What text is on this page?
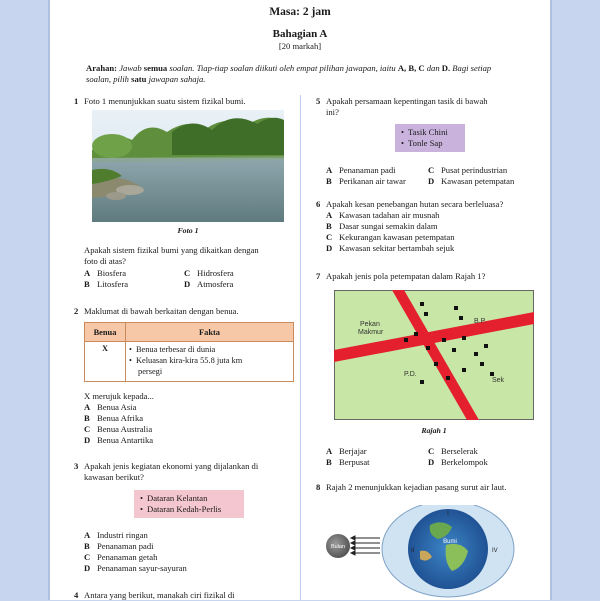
Masa: 2 jam
Bahagian A
[20 markah]
Arahan: Jawab semua soalan. Tiap-tiap soalan diikuti oleh empat pilihan jawapan, iaitu A, B, C dan D. Bagi setiap
soalan, pilih satu jawapan sahaja.
1 Foto 1 menunjukkan suatu sistem fizikal bumi.
Foto 1
Apakah sistem fizikal bumi yang dikaitkan dengan
foto di atas?
A Biosfera	C Hidrosfera
B Litosfera	D Atmosfera
2 Maklumat di bawah berkaitan dengan benua.
Benua	Fakta
X	• Benua terbesar di dunia
• Keluasan kira-kira 55.8 juta km
persegi
X merujuk kepada...
A Benua Asia
B Benua Afrika
C Benua Australia
D Benua Antartika
3 Apakah jenis kegiatan ekonomi yang dijalankan di
kawasan berikut?
• Dataran Kelantan
• Dataran Kedah-Perlis
A Industri ringan
B Penanaman padi
C Penanaman getah
D Penanaman sayur-sayuran
4 Antara yang berikut, manakah ciri fizikal di
5 Apakah persamaan kepentingan tasik di bawah
ini?
• Tasik Chini
• Tonle Sap
A Penanaman padi	C Pusat perindustrian
B Perikanan air tawar	D Kawasan petempatan
6 Apakah kesan penebangan hutan secara berleluasa?
A Kawasan tadahan air musnah
B Dasar sungai semakin dalam
C Kekurangan kawasan petempatan
D Kawasan sekitar bertambah sejuk
7 Apakah jenis pola petempatan dalam Rajah 1?
Pekan
Makmur
B.P.
P.D.
Sek
Rajah 1
A Berjajar	C Berselerak
B Berpusat	D Berkelompok
8 Rajah 2 menunjukkan kejadian pasang surut air laut.
Bulan
Bumi
I
II	IV
